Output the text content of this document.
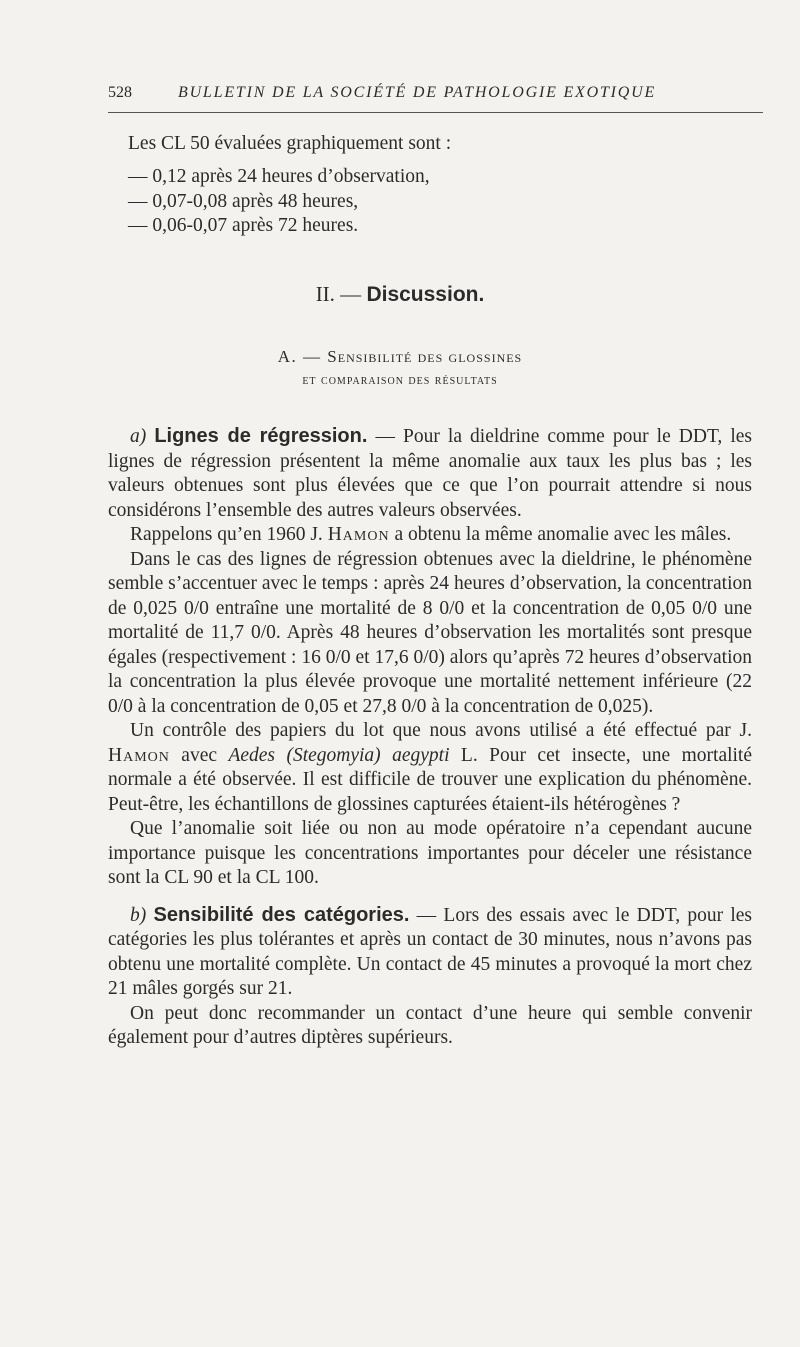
528	BULLETIN DE LA SOCIÉTÉ DE PATHOLOGIE EXOTIQUE
Les CL 50 évaluées graphiquement sont :
— 0,12 après 24 heures d’observation,
— 0,07-0,08 après 48 heures,
— 0,06-0,07 après 72 heures.
II. — Discussion.
A. — Sensibilité des glossines
et comparaison des résultats

a) Lignes de régression. — Pour la dieldrine comme pour le DDT, les lignes de régression présentent la même anomalie aux taux les plus bas ; les valeurs obtenues sont plus élevées que ce que l’on pourrait attendre si nous considérons l’ensemble des autres valeurs observées.

Rappelons qu’en 1960 J. Hamon a obtenu la même anomalie avec les mâles.

Dans le cas des lignes de régression obtenues avec la dieldrine, le phénomène semble s’accentuer avec le temps : après 24 heures d’observation, la concentration de 0,025 0/0 entraîne une mortalité de 8 0/0 et la concentration de 0,05 0/0 une mortalité de 11,7 0/0. Après 48 heures d’observation les mortalités sont presque égales (respectivement : 16 0/0 et 17,6 0/0) alors qu’après 72 heures d’observation la concentration la plus élevée provoque une mortalité nettement inférieure (22 0/0 à la concentration de 0,05 et 27,8 0/0 à la concentration de 0,025).

Un contrôle des papiers du lot que nous avons utilisé a été effectué par J. Hamon avec Aedes (Stegomyia) aegypti L. Pour cet insecte, une mortalité normale a été observée. Il est difficile de trouver une explication du phénomène. Peut-être, les échantillons de glossines capturées étaient-ils hétérogènes ?

Que l’anomalie soit liée ou non au mode opératoire n’a cependant aucune importance puisque les concentrations importantes pour déceler une résistance sont la CL 90 et la CL 100.

b) Sensibilité des catégories. — Lors des essais avec le DDT, pour les catégories les plus tolérantes et après un contact de 30 minutes, nous n’avons pas obtenu une mortalité complète. Un contact de 45 minutes a provoqué la mort chez 21 mâles gorgés sur 21.

On peut donc recommander un contact d’une heure qui semble convenir également pour d’autres diptères supérieurs.
